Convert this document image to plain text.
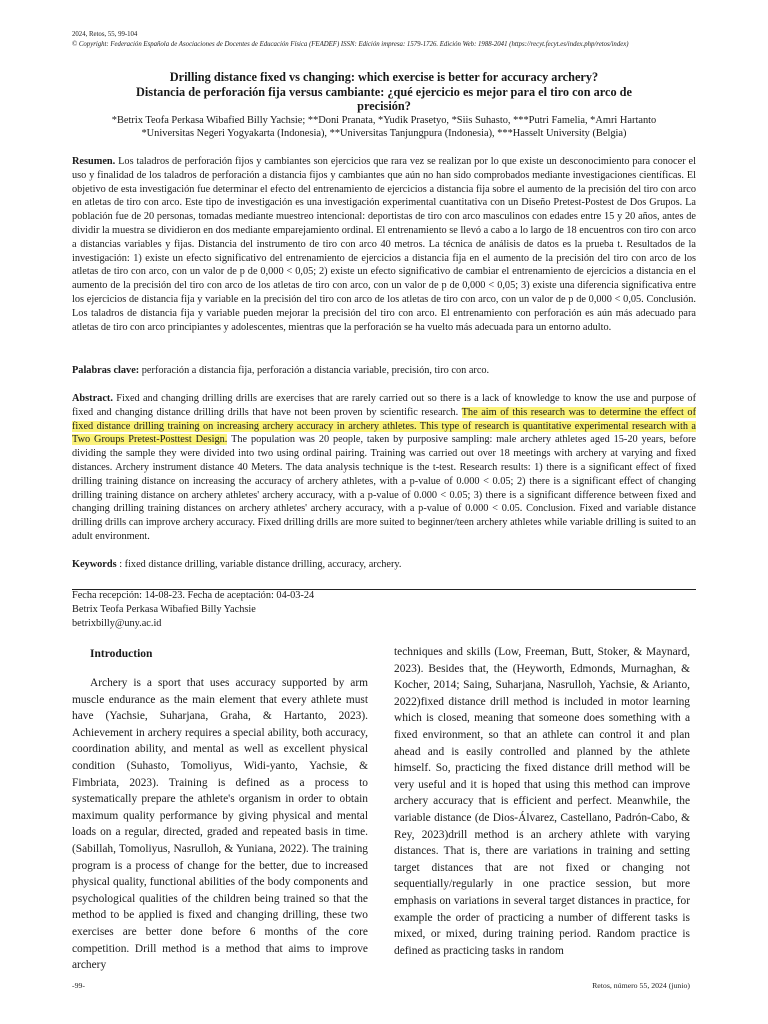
2024, Retos, 55, 99-104
© Copyright: Federación Española de Asociaciones de Docentes de Educación Física (FEADEF) ISSN: Edición impresa: 1579-1726. Edición Web: 1988-2041 (https://recyt.fecyt.es/index.php/retos/index)
Drilling distance fixed vs changing: which exercise is better for accuracy archery?
Distancia de perforación fija versus cambiante: ¿qué ejercicio es mejor para el tiro con arco de
precisión?
*Betrix Teofa Perkasa Wibafied Billy Yachsie; **Doni Pranata, *Yudik Prasetyo, *Siis Suhasto, ***Putri Famelia, *Amri Hartanto
*Universitas Negeri Yogyakarta (Indonesia), **Universitas Tanjungpura (Indonesia), ***Hasselt University (Belgia)
Resumen. Los taladros de perforación fijos y cambiantes son ejercicios que rara vez se realizan por lo que existe un desconocimiento para conocer el uso y finalidad de los taladros de perforación a distancia fijos y cambiantes que aún no han sido comprobados mediante investigaciones científicas. El objetivo de esta investigación fue determinar el efecto del entrenamiento de ejercicios a distancia fija sobre el aumento de la precisión del tiro con arco en atletas de tiro con arco. Este tipo de investigación es una investigación experimental cuantitativa con un Diseño Pretest-Postest de Dos Grupos. La población fue de 20 personas, tomadas mediante muestreo intencional: deportistas de tiro con arco masculinos con edades entre 15 y 20 años, antes de dividir la muestra se dividieron en dos mediante emparejamiento ordinal. El entrenamiento se llevó a cabo a lo largo de 18 encuentros con tiro con arco a distancias variables y fijas. Distancia del instrumento de tiro con arco 40 metros. La técnica de análisis de datos es la prueba t. Resultados de la investigación: 1) existe un efecto significativo del entrenamiento de ejercicios a distancia fija en el aumento de la precisión del tiro con arco de los atletas de tiro con arco, con un valor de p de 0,000 < 0,05; 2) existe un efecto significativo de cambiar el entrenamiento de ejercicios a distancia en el aumento de la precisión del tiro con arco de los atletas de tiro con arco, con un valor de p de 0,000 < 0,05; 3) existe una diferencia significativa entre los ejercicios de distancia fija y variable en la precisión del tiro con arco de los atletas de tiro con arco, con un valor de p de 0,000 < 0,05. Conclusión. Los taladros de distancia fija y variable pueden mejorar la precisión del tiro con arco. El entrenamiento con perforación es aún más adecuado para atletas de tiro con arco principiantes y adolescentes, mientras que la perforación se ha vuelto más adecuada para un entorno adulto.
Palabras clave: perforación a distancia fija, perforación a distancia variable, precisión, tiro con arco.
Abstract. Fixed and changing drilling drills are exercises that are rarely carried out so there is a lack of knowledge to know the use and purpose of fixed and changing distance drilling drills that have not been proven by scientific research. The aim of this research was to determine the effect of fixed distance drilling training on increasing archery accuracy in archery athletes. This type of research is quantitative experimental research with a Two Groups Pretest-Posttest Design. The population was 20 people, taken by purposive sampling: male archery athletes aged 15-20 years, before dividing the sample they were divided into two using ordinal pairing. Training was carried out over 18 meetings with archery at varying and fixed distances. Archery instrument distance 40 Meters. The data analysis technique is the t-test. Research results: 1) there is a significant effect of fixed drilling training distance on increasing the accuracy of archery athletes, with a p-value of 0.000 < 0.05; 2) there is a significant effect of changing drilling training distance on archery athletes' archery accuracy, with a p-value of 0.000 < 0.05; 3) there is a significant difference between fixed and changing drilling training distances on archery athletes' archery accuracy, with a p-value of 0.000 < 0.05. Conclusion. Fixed and variable distance drilling drills can improve archery accuracy. Fixed drilling drills are more suited to beginner/teen archery athletes while variable drilling is suited to an adult environment.
Keywords : fixed distance drilling, variable distance drilling, accuracy, archery.
Fecha recepción: 14-08-23. Fecha de aceptación: 04-03-24
Betrix Teofa Perkasa Wibafied Billy Yachsie
betrixbilly@uny.ac.id
Introduction
Archery is a sport that uses accuracy supported by arm muscle endurance as the main element that every athlete must have (Yachsie, Suharjana, Graha, & Hartanto, 2023). Achievement in archery requires a special ability, both accuracy, coordination ability, and mental as well as excellent physical condition (Suhasto, Tomoliyus, Widi-yanto, Yachsie, & Fimbriata, 2023). Training is defined as a process to systematically prepare the athlete's organism in order to obtain maximum quality performance by giving physical and mental loads on a regular, directed, graded and repeated basis in time. (Sabillah, Tomoliyus, Nasrulloh, & Yuniana, 2022). The training program is a process of change for the better, due to increased physical quality, functional abilities of the body components and psychological qualities of the children being trained so that the method to be applied is fixed and changing drilling, these two exercises are better done before 6 months of the core competition. Drill method is a method that aims to improve archery
techniques and skills (Low, Freeman, Butt, Stoker, & Maynard, 2023). Besides that, the (Heyworth, Edmonds, Murnaghan, & Kocher, 2014; Saing, Suharjana, Nasrulloh, Yachsie, & Arianto, 2022)fixed distance drill method is included in motor learning which is closed, meaning that someone does something with a fixed environment, so that an athlete can control it and plan ahead and is easily controlled and planned by the athlete himself. So, practicing the fixed distance drill method will be very useful and it is hoped that using this method can improve archery accuracy that is efficient and perfect. Meanwhile, the variable distance (de Dios-Álvarez, Castellano, Padrón-Cabo, & Rey, 2023)drill method is an archery athlete with varying distances. That is, there are variations in training and setting target distances that are not fixed or changing not sequentially/regularly in one practice session, but more emphasis on variations in several target distances in practice, for example the order of practicing a number of different tasks is mixed, or mixed, during training period. Random practice is defined as practicing tasks in random
-99-	Retos, número 55, 2024 (junio)
